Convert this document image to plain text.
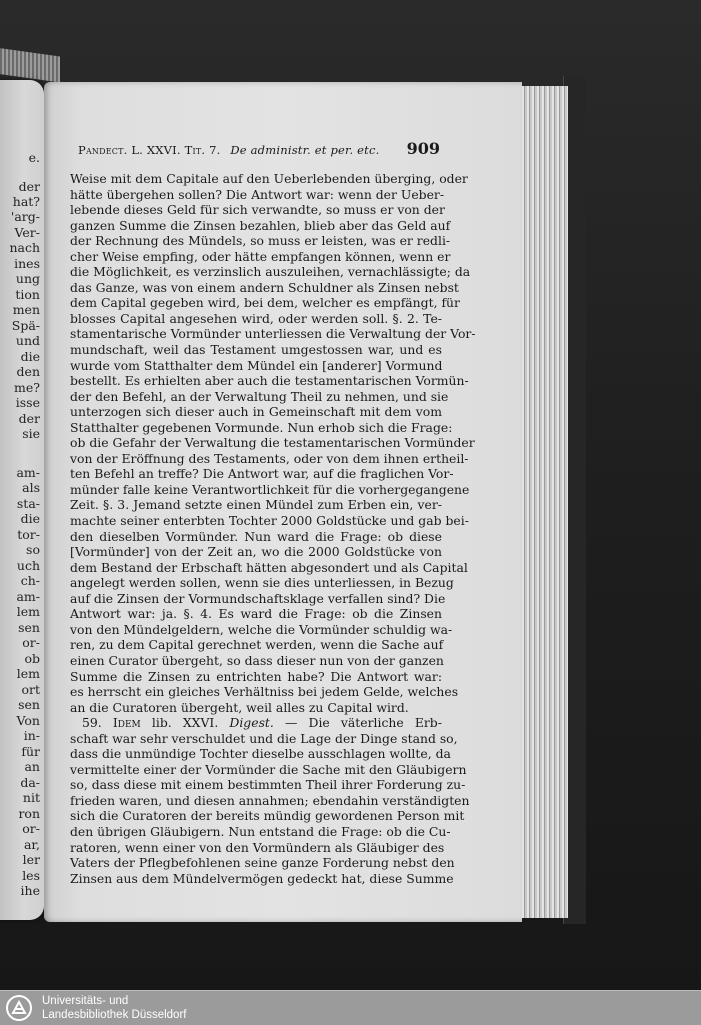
e.
der
hat?
'arg-
Ver-
nach
ines
ung
tion
men
Spä-
und
die
den
me?
isse
der
sie
am-
als
sta-
die
tor-
so
uch
ch-
am-
lem
sen
or-
ob
lem
ort
sen
Von
in-
für
an
da-
nit
ron
or-
ar,
ler
les
ihe
Pandect. L. XXVI. Tit. 7. De administr. et per. etc. 909
Weise mit dem Capitale auf den Ueberlebenden überging, oder
hätte übergehen sollen? Die Antwort war: wenn der Ueber-
lebende dieses Geld für sich verwandte, so muss er von der
ganzen Summe die Zinsen bezahlen, blieb aber das Geld auf
der Rechnung des Mündels, so muss er leisten, was er redli-
cher Weise empfing, oder hätte empfangen können, wenn er
die Möglichkeit, es verzinslich auszuleihen, vernachlässigte; da
das Ganze, was von einem andern Schuldner als Zinsen nebst
dem Capital gegeben wird, bei dem, welcher es empfängt, für
blosses Capital angesehen wird, oder werden soll. §. 2. Te-
stamentarische Vormünder unterliessen die Verwaltung der Vor-
mundschaft, weil das Testament umgestossen war, und es
wurde vom Statthalter dem Mündel ein [anderer] Vormund
bestellt. Es erhielten aber auch die testamentarischen Vormün-
der den Befehl, an der Verwaltung Theil zu nehmen, und sie
unterzogen sich dieser auch in Gemeinschaft mit dem vom
Statthalter gegebenen Vormunde. Nun erhob sich die Frage:
ob die Gefahr der Verwaltung die testamentarischen Vormünder
von der Eröffnung des Testaments, oder von dem ihnen ertheil-
ten Befehl an treffe? Die Antwort war, auf die fraglichen Vor-
münder falle keine Verantwortlichkeit für die vorhergegangene
Zeit. §. 3. Jemand setzte einen Mündel zum Erben ein, ver-
machte seiner enterbten Tochter 2000 Goldstücke und gab bei-
den dieselben Vormünder. Nun ward die Frage: ob diese
[Vormünder] von der Zeit an, wo die 2000 Goldstücke von
dem Bestand der Erbschaft hätten abgesondert und als Capital
angelegt werden sollen, wenn sie dies unterliessen, in Bezug
auf die Zinsen der Vormundschaftsklage verfallen sind? Die
Antwort war: ja. §. 4. Es ward die Frage: ob die Zinsen
von den Mündelgeldern, welche die Vormünder schuldig wa-
ren, zu dem Capital gerechnet werden, wenn die Sache auf
einen Curator übergeht, so dass dieser nun von der ganzen
Summe die Zinsen zu entrichten habe? Die Antwort war:
es herrscht ein gleiches Verhältniss bei jedem Gelde, welches
an die Curatoren übergeht, weil alles zu Capital wird.
59. Idem lib. XXVI. Digest. — Die väterliche Erb-
schaft war sehr verschuldet und die Lage der Dinge stand so,
dass die unmündige Tochter dieselbe ausschlagen wollte, da
vermittelte einer der Vormünder die Sache mit den Gläubigern
so, dass diese mit einem bestimmten Theil ihrer Forderung zu-
frieden waren, und diesen annahmen; ebendahin verständigten
sich die Curatoren der bereits mündig gewordenen Person mit
den übrigen Gläubigern. Nun entstand die Frage: ob die Cu-
ratoren, wenn einer von den Vormündern als Gläubiger des
Vaters der Pflegbefohlenen seine ganze Forderung nebst den
Zinsen aus dem Mündelvermögen gedeckt hat, diese Summe
Universitäts- und
Landesbibliothek Düsseldorf
